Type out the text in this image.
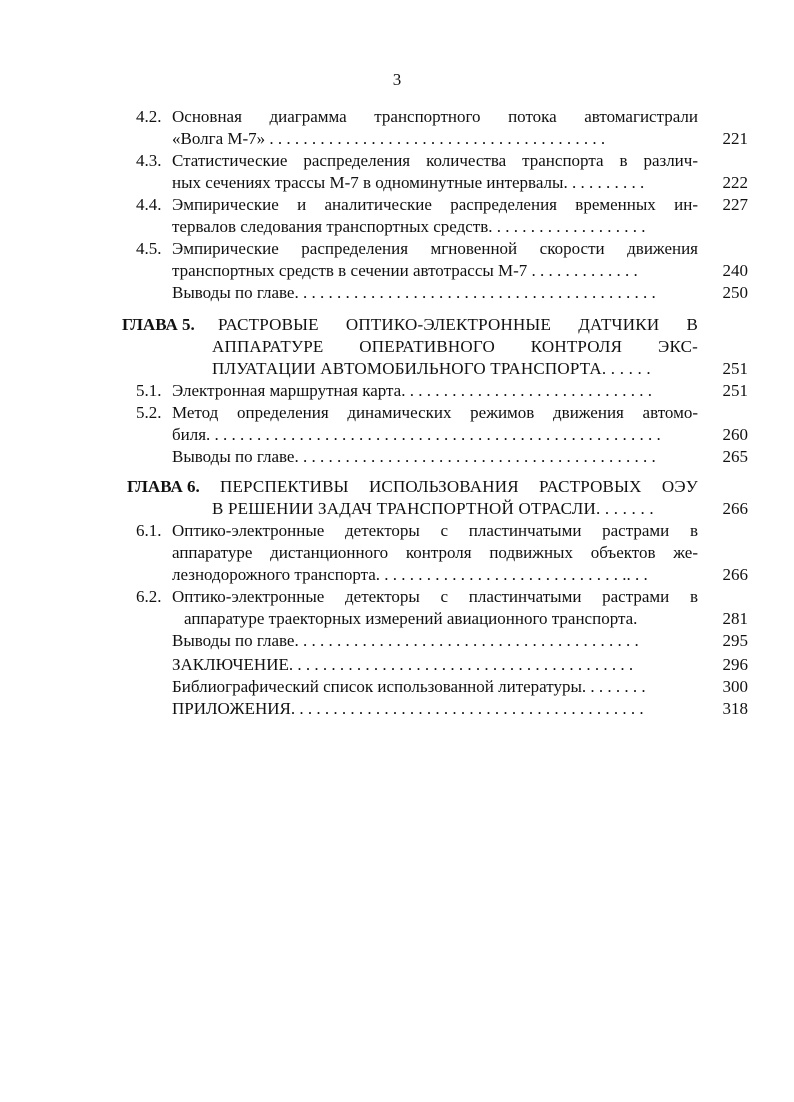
3
4.2. Основная диаграмма транспортного потока автомагистрали
«Волга М-7» . . . . . . . . . . . . . . . . . . . . . . . . . . . . . . . . . . . . . . . .	221
4.3. Статистические распределения количества транспорта в различ-
ных сечениях трассы М-7 в одноминутные интервалы. . . . . . . . . .	222
4.4. Эмпирические и аналитические распределения временных ин-	227
тервалов следования транспортных средств. . . . . . . . . . . . . . . . . . .
4.5. Эмпирические распределения мгновенной скорости движения
транспортных средств в сечении автотрассы М-7 . . . . . . . . . . . . .	240
Выводы по главе. . . . . . . . . . . . . . . . . . . . . . . . . . . . . . . . . . . . . . . . . . .	250
ГЛАВА 5. РАСТРОВЫЕ ОПТИКО-ЭЛЕКТРОННЫЕ ДАТЧИКИ В
АППАРАТУРЕ ОПЕРАТИВНОГО КОНТРОЛЯ ЭКС-
ПЛУАТАЦИИ АВТОМОБИЛЬНОГО ТРАНСПОРТА. . . . . .	251
5.1. Электронная маршрутная карта. . . . . . . . . . . . . . . . . . . . . . . . . . . . . .	251
5.2. Метод определения динамических режимов движения автомо-
биля. . . . . . . . . . . . . . . . . . . . . . . . . . . . . . . . . . . . . . . . . . . . . . . . . . . . . .	260
Выводы по главе. . . . . . . . . . . . . . . . . . . . . . . . . . . . . . . . . . . . . . . . . . .	265
ГЛАВА 6. ПЕРСПЕКТИВЫ ИСПОЛЬЗОВАНИЯ РАСТРОВЫХ ОЭУ
В РЕШЕНИИ ЗАДАЧ ТРАНСПОРТНОЙ ОТРАСЛИ. . . . . . .	266
6.1. Оптико-электронные детекторы с пластинчатыми растрами в
аппаратуре дистанционного контроля подвижных объектов же-
лезнодорожного транспорта. . . . . . . . . . . . . . . . . . . . . . . . . . . . . .. . .	266
6.2. Оптико-электронные детекторы с пластинчатыми растрами в
аппаратуре траекторных измерений авиационного транспорта.	281
Выводы по главе. . . . . . . . . . . . . . . . . . . . . . . . . . . . . . . . . . . . . . . . .	295
ЗАКЛЮЧЕНИЕ. . . . . . . . . . . . . . . . . . . . . . . . . . . . . . . . . . . . . . . . .	296
Библиографический список использованной литературы. . . . . . . .	300
ПРИЛОЖЕНИЯ. . . . . . . . . . . . . . . . . . . . . . . . . . . . . . . . . . . . . . . . . .	318
